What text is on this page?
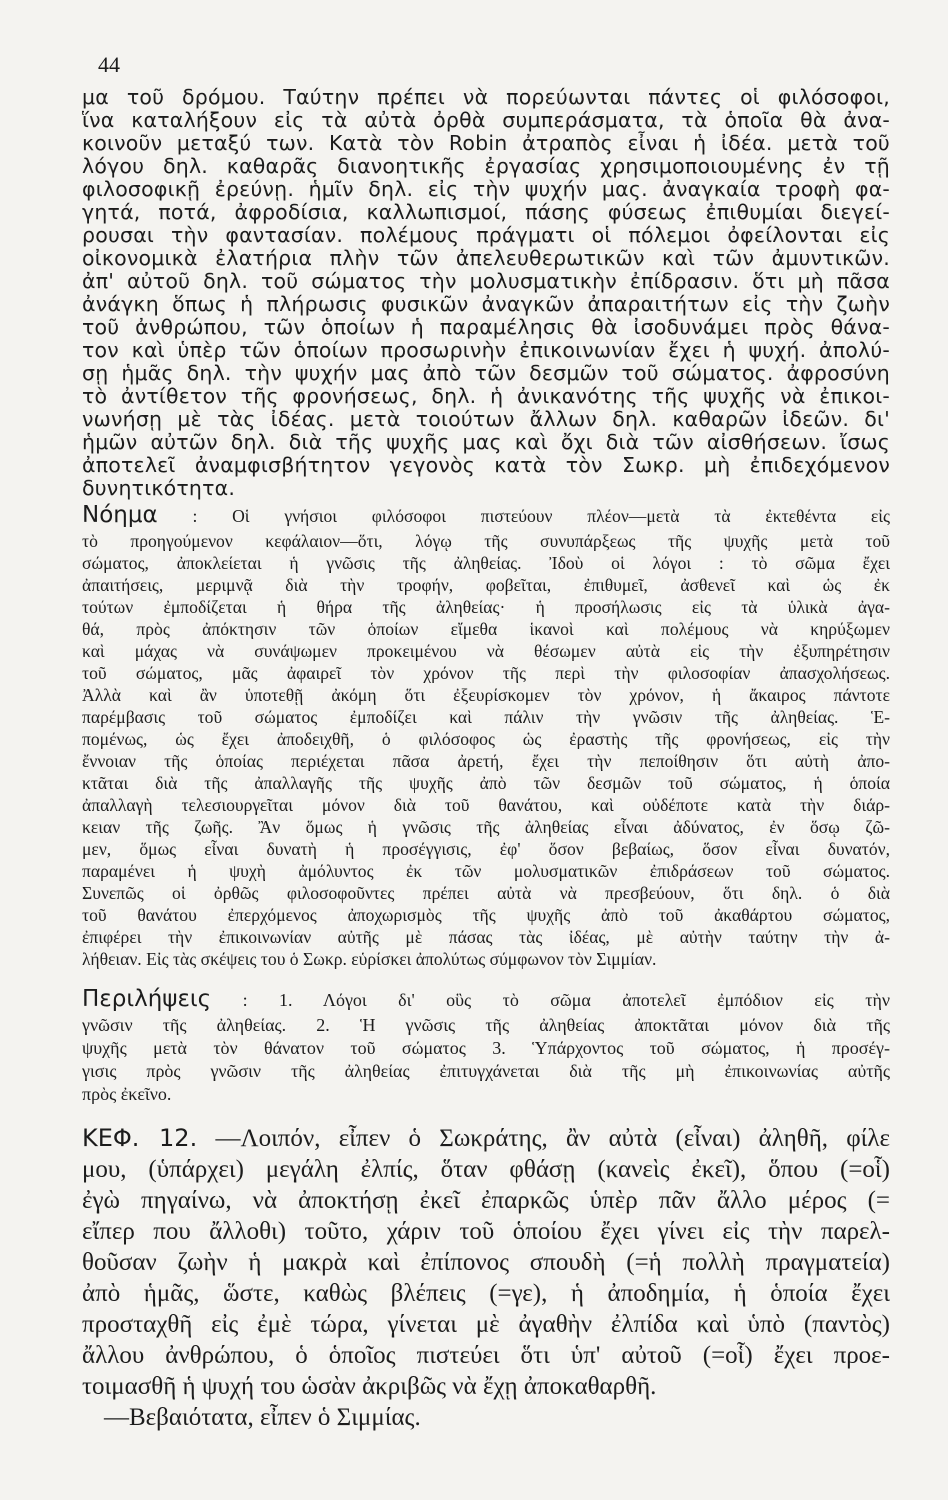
44
μα τοῦ δρόμου. Ταύτην πρέπει νὰ πορεύωνται πάντες οἱ φιλόσοφοι,
ἵνα καταλήξουν εἰς τὰ αὐτὰ ὀρθὰ συμπεράσματα, τὰ ὁποῖα θὰ ἀνα-
κοινοῦν μεταξύ των. Κατὰ τὸν Robin ἀτραπὸς εἶναι ἡ ἰδέα. μετὰ τοῦ
λόγου δηλ. καθαρᾶς διανοητικῆς ἐργασίας χρησιμοποιουμένης ἐν τῇ
φιλοσοφικῇ ἐρεύνῃ. ἡμῖν δηλ. εἰς τὴν ψυχήν μας. ἀναγκαία τροφὴ φα-
γητά, ποτά, ἀφροδίσια, καλλωπισμοί, πάσης φύσεως ἐπιθυμίαι διεγεί-
ρουσαι τὴν φαντασίαν. πολέμους πράγματι οἱ πόλεμοι ὀφείλονται εἰς
οἰκονομικὰ ἐλατήρια πλὴν τῶν ἀπελευθερωτικῶν καὶ τῶν ἀμυντικῶν.
ἀπ' αὐτοῦ δηλ. τοῦ σώματος τὴν μολυσματικὴν ἐπίδρασιν. ὅτι μὴ πᾶσα
ἀνάγκη ὅπως ἡ πλήρωσις φυσικῶν ἀναγκῶν ἀπαραιτήτων εἰς τὴν ζωὴν
τοῦ ἀνθρώπου, τῶν ὁποίων ἡ παραμέλησις θὰ ἰσοδυνάμει πρὸς θάνα-
τον καὶ ὑπὲρ τῶν ὁποίων προσωρινὴν ἐπικοινωνίαν ἔχει ἡ ψυχή. ἀπολύ-
σῃ ἡμᾶς δηλ. τὴν ψυχήν μας ἀπὸ τῶν δεσμῶν τοῦ σώματος. ἀφροσύνη
τὸ ἀντίθετον τῆς φρονήσεως, δηλ. ἡ ἀνικανότης τῆς ψυχῆς νὰ ἐπικοι-
νωνήσῃ μὲ τὰς ἰδέας. μετὰ τοιούτων ἄλλων δηλ. καθαρῶν ἰδεῶν. δι'
ἡμῶν αὐτῶν δηλ. διὰ τῆς ψυχῆς μας καὶ ὄχι διὰ τῶν αἰσθήσεων. ἴσως
ἀποτελεῖ ἀναμφισβήτητον γεγονὸς κατὰ τὸν Σωκρ. μὴ ἐπιδεχόμενον
δυνητικότητα.
Νόημα : Οἱ γνήσιοι φιλόσοφοι πιστεύουν πλέον—μετὰ τὰ ἐκτεθέντα εἰς
τὸ προηγούμενον κεφάλαιον—ὅτι, λόγῳ τῆς συνυπάρξεως τῆς ψυχῆς μετὰ τοῦ
σώματος, ἀποκλείεται ἡ γνῶσις τῆς ἀληθείας. Ἰδοὺ οἱ λόγοι : τὸ σῶμα ἔχει
ἀπαιτήσεις, μεριμνᾷ διὰ τὴν τροφήν, φοβεῖται, ἐπιθυμεῖ, ἀσθενεῖ καὶ ὡς ἐκ
τούτων ἐμποδίζεται ἡ θήρα τῆς ἀληθείας· ἡ προσήλωσις εἰς τὰ ὑλικὰ ἀγα-
θά, πρὸς ἀπόκτησιν τῶν ὁποίων εἴμεθα ἱκανοὶ καὶ πολέμους νὰ κηρύξωμεν
καὶ μάχας νὰ συνάψωμεν προκειμένου νὰ θέσωμεν αὐτὰ εἰς τὴν ἐξυπηρέτησιν
τοῦ σώματος, μᾶς ἀφαιρεῖ τὸν χρόνον τῆς περὶ τὴν φιλοσοφίαν ἀπασχολήσεως.
Ἀλλὰ καὶ ἂν ὑποτεθῇ ἀκόμη ὅτι ἐξευρίσκομεν τὸν χρόνον, ἡ ἄκαιρος πάντοτε
παρέμβασις τοῦ σώματος ἐμποδίζει καὶ πάλιν τὴν γνῶσιν τῆς ἀληθείας. Ἑ-
πομένως, ὡς ἔχει ἀποδειχθῆ, ὁ φιλόσοφος ὡς ἐραστὴς τῆς φρονήσεως, εἰς τὴν
ἔννοιαν τῆς ὁποίας περιέχεται πᾶσα ἀρετή, ἔχει τὴν πεποίθησιν ὅτι αὐτὴ ἀπο-
κτᾶται διὰ τῆς ἀπαλλαγῆς τῆς ψυχῆς ἀπὸ τῶν δεσμῶν τοῦ σώματος, ἡ ὁποία
ἀπαλλαγὴ τελεσιουργεῖται μόνον διὰ τοῦ θανάτου, καὶ οὐδέποτε κατὰ τὴν διάρ-
κειαν τῆς ζωῆς. Ἂν ὅμως ἡ γνῶσις τῆς ἀληθείας εἶναι ἀδύνατος, ἐν ὅσῳ ζῶ-
μεν, ὅμως εἶναι δυνατὴ ἡ προσέγγισις, ἐφ' ὅσον βεβαίως, ὅσον εἶναι δυνατόν,
παραμένει ἡ ψυχὴ ἀμόλυντος ἐκ τῶν μολυσματικῶν ἐπιδράσεων τοῦ σώματος.
Συνεπῶς οἱ ὀρθῶς φιλοσοφοῦντες πρέπει αὐτὰ νὰ πρεσβεύουν, ὅτι δηλ. ὁ διὰ
τοῦ θανάτου ἐπερχόμενος ἀποχωρισμὸς τῆς ψυχῆς ἀπὸ τοῦ ἀκαθάρτου σώματος,
ἐπιφέρει τὴν ἐπικοινωνίαν αὐτῆς μὲ πάσας τὰς ἰδέας, μὲ αὐτὴν ταύτην τὴν ἀ-
λήθειαν. Εἰς τὰς σκέψεις του ὁ Σωκρ. εὑρίσκει ἀπολύτως σύμφωνον τὸν Σιμμίαν.
Περιλήψεις : 1. Λόγοι δι' οὓς τὸ σῶμα ἀποτελεῖ ἐμπόδιον εἰς τὴν
γνῶσιν τῆς ἀληθείας. 2. Ἡ γνῶσις τῆς ἀληθείας ἀποκτᾶται μόνον διὰ τῆς
ψυχῆς μετὰ τὸν θάνατον τοῦ σώματος 3. Ὑπάρχοντος τοῦ σώματος, ἡ προσέγ-
γισις πρὸς γνῶσιν τῆς ἀληθείας ἐπιτυγχάνεται διὰ τῆς μὴ ἐπικοινωνίας αὐτῆς
πρὸς ἐκεῖνο.
ΚΕΦ. 12. —Λοιπόν, εἶπεν ὁ Σωκράτης, ἂν αὐτὰ (εἶναι) ἀληθῆ, φίλε
μου, (ὑπάρχει) μεγάλη ἐλπίς, ὅταν φθάσῃ (κανεὶς ἐκεῖ), ὅπου (=οἷ)
ἐγὼ πηγαίνω, νὰ ἀποκτήσῃ ἐκεῖ ἐπαρκῶς ὑπὲρ πᾶν ἄλλο μέρος (=
εἴπερ που ἄλλοθι) τοῦτο, χάριν τοῦ ὁποίου ἔχει γίνει εἰς τὴν παρελ-
θοῦσαν ζωὴν ἡ μακρὰ καὶ ἐπίπονος σπουδὴ (=ἡ πολλὴ πραγματεία)
ἀπὸ ἡμᾶς, ὥστε, καθὼς βλέπεις (=γε), ἡ ἀποδημία, ἡ ὁποία ἔχει
προσταχθῆ εἰς ἐμὲ τώρα, γίνεται μὲ ἀγαθὴν ἐλπίδα καὶ ὑπὸ (παντὸς)
ἄλλου ἀνθρώπου, ὁ ὁποῖος πιστεύει ὅτι ὑπ' αὐτοῦ (=οἷ) ἔχει προε-
τοιμασθῆ ἡ ψυχή του ὡσὰν ἀκριβῶς νὰ ἔχῃ ἀποκαθαρθῆ.
—Βεβαιότατα, εἶπεν ὁ Σιμμίας.
